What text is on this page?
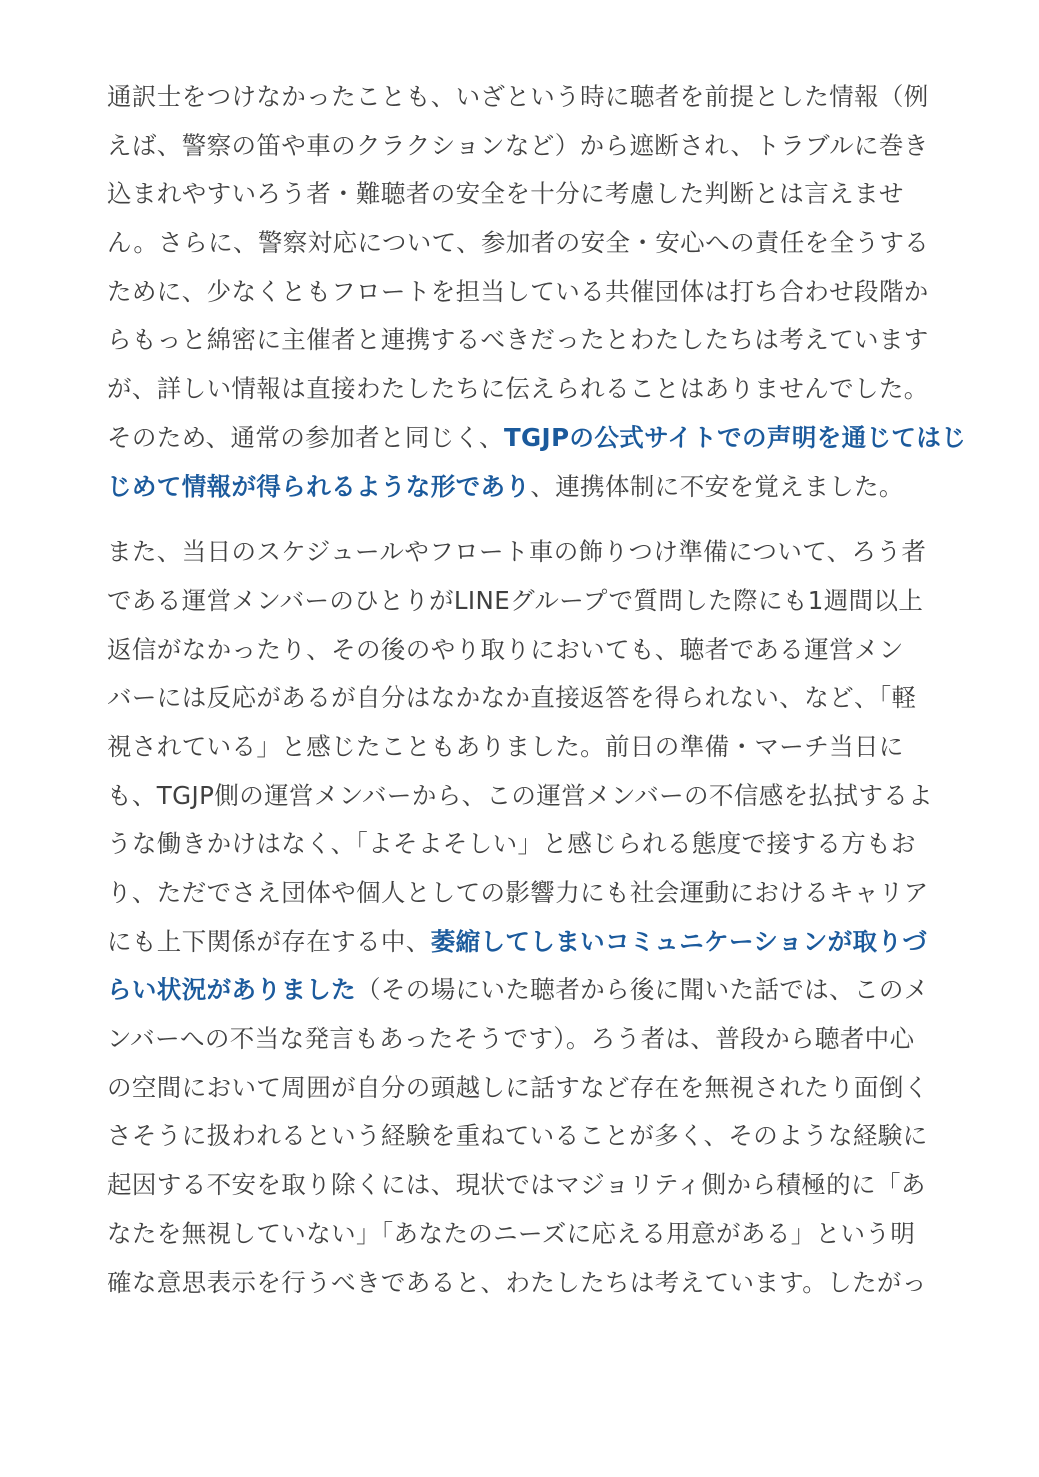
通訳士をつけなかったことも、いざという時に聴者を前提とした情報（例
えば、警察の笛や車のクラクションなど）から遮断され、トラブルに巻き
込まれやすいろう者・難聴者の安全を十分に考慮した判断とは言えませ
ん。さらに、警察対応について、参加者の安全・安心への責任を全うする
ために、少なくともフロートを担当している共催団体は打ち合わせ段階か
らもっと綿密に主催者と連携するべきだったとわたしたちは考えています
が、詳しい情報は直接わたしたちに伝えられることはありませんでした。
そのため、通常の参加者と同じく、TGJPの公式サイトでの声明を通じてはじ
じめて情報が得られるような形であり、連携体制に不安を覚えました。

また、当日のスケジュールやフロート車の飾りつけ準備について、ろう者
である運営メンバーのひとりがLINEグループで質問した際にも1週間以上
返信がなかったり、その後のやり取りにおいても、聴者である運営メン
バーには反応があるが自分はなかなか直接返答を得られない、など、「軽
視されている」と感じたこともありました。前日の準備・マーチ当日に
も、TGJP側の運営メンバーから、この運営メンバーの不信感を払拭するよ
うな働きかけはなく、「よそよそしい」と感じられる態度で接する方もお
り、ただでさえ団体や個人としての影響力にも社会運動におけるキャリア
にも上下関係が存在する中、萎縮してしまいコミュニケーションが取りづ
らい状況がありました（その場にいた聴者から後に聞いた話では、このメ
ンバーへの不当な発言もあったそうです）。ろう者は、普段から聴者中心
の空間において周囲が自分の頭越しに話すなど存在を無視されたり面倒く
さそうに扱われるという経験を重ねていることが多く、そのような経験に
起因する不安を取り除くには、現状ではマジョリティ側から積極的に「あ
なたを無視していない」「あなたのニーズに応える用意がある」という明
確な意思表示を行うべきであると、わたしたちは考えています。したがっ
